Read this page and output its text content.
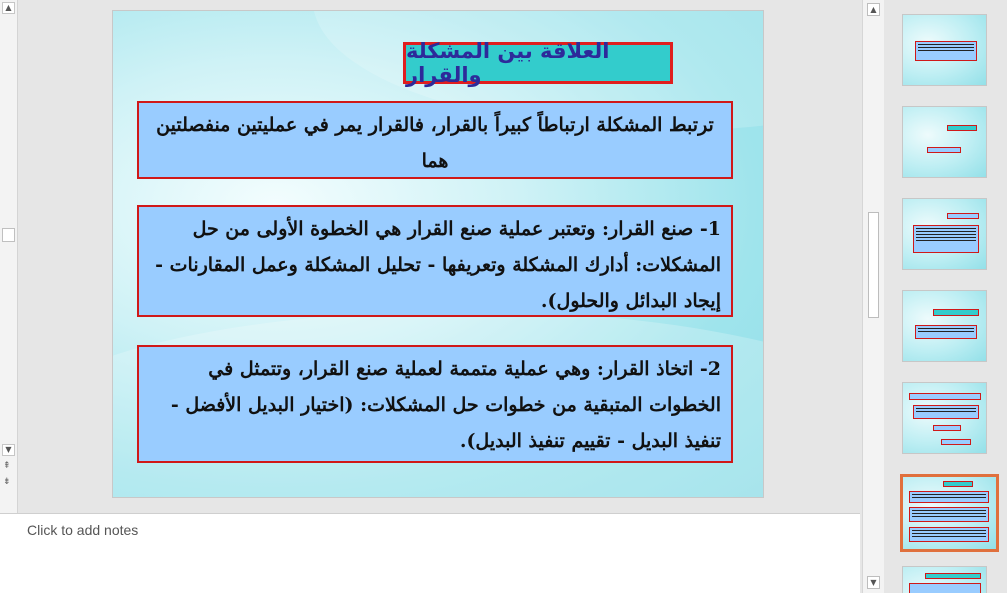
▲
▼
⇞
⇟
العلاقة بين المشكلة والقرار
ترتبط المشكلة ارتباطاً كبيراً بالقرار، فالقرار يمر في عمليتين منفصلتين هما
1- صنع القرار: وتعتبر عملية صنع القرار هي الخطوة الأولى من حل المشكلات: أدارك المشكلة وتعريفها - تحليل المشكلة وعمل المقارنات - إيجاد البدائل والحلول).
2- اتخاذ القرار: وهي عملية متممة لعملية صنع القرار، وتتمثل في الخطوات المتبقية من خطوات حل المشكلات: (اختيار البديل الأفضل - تنفيذ البديل - تقييم تنفيذ البديل).
Click to add notes
▲
▼
